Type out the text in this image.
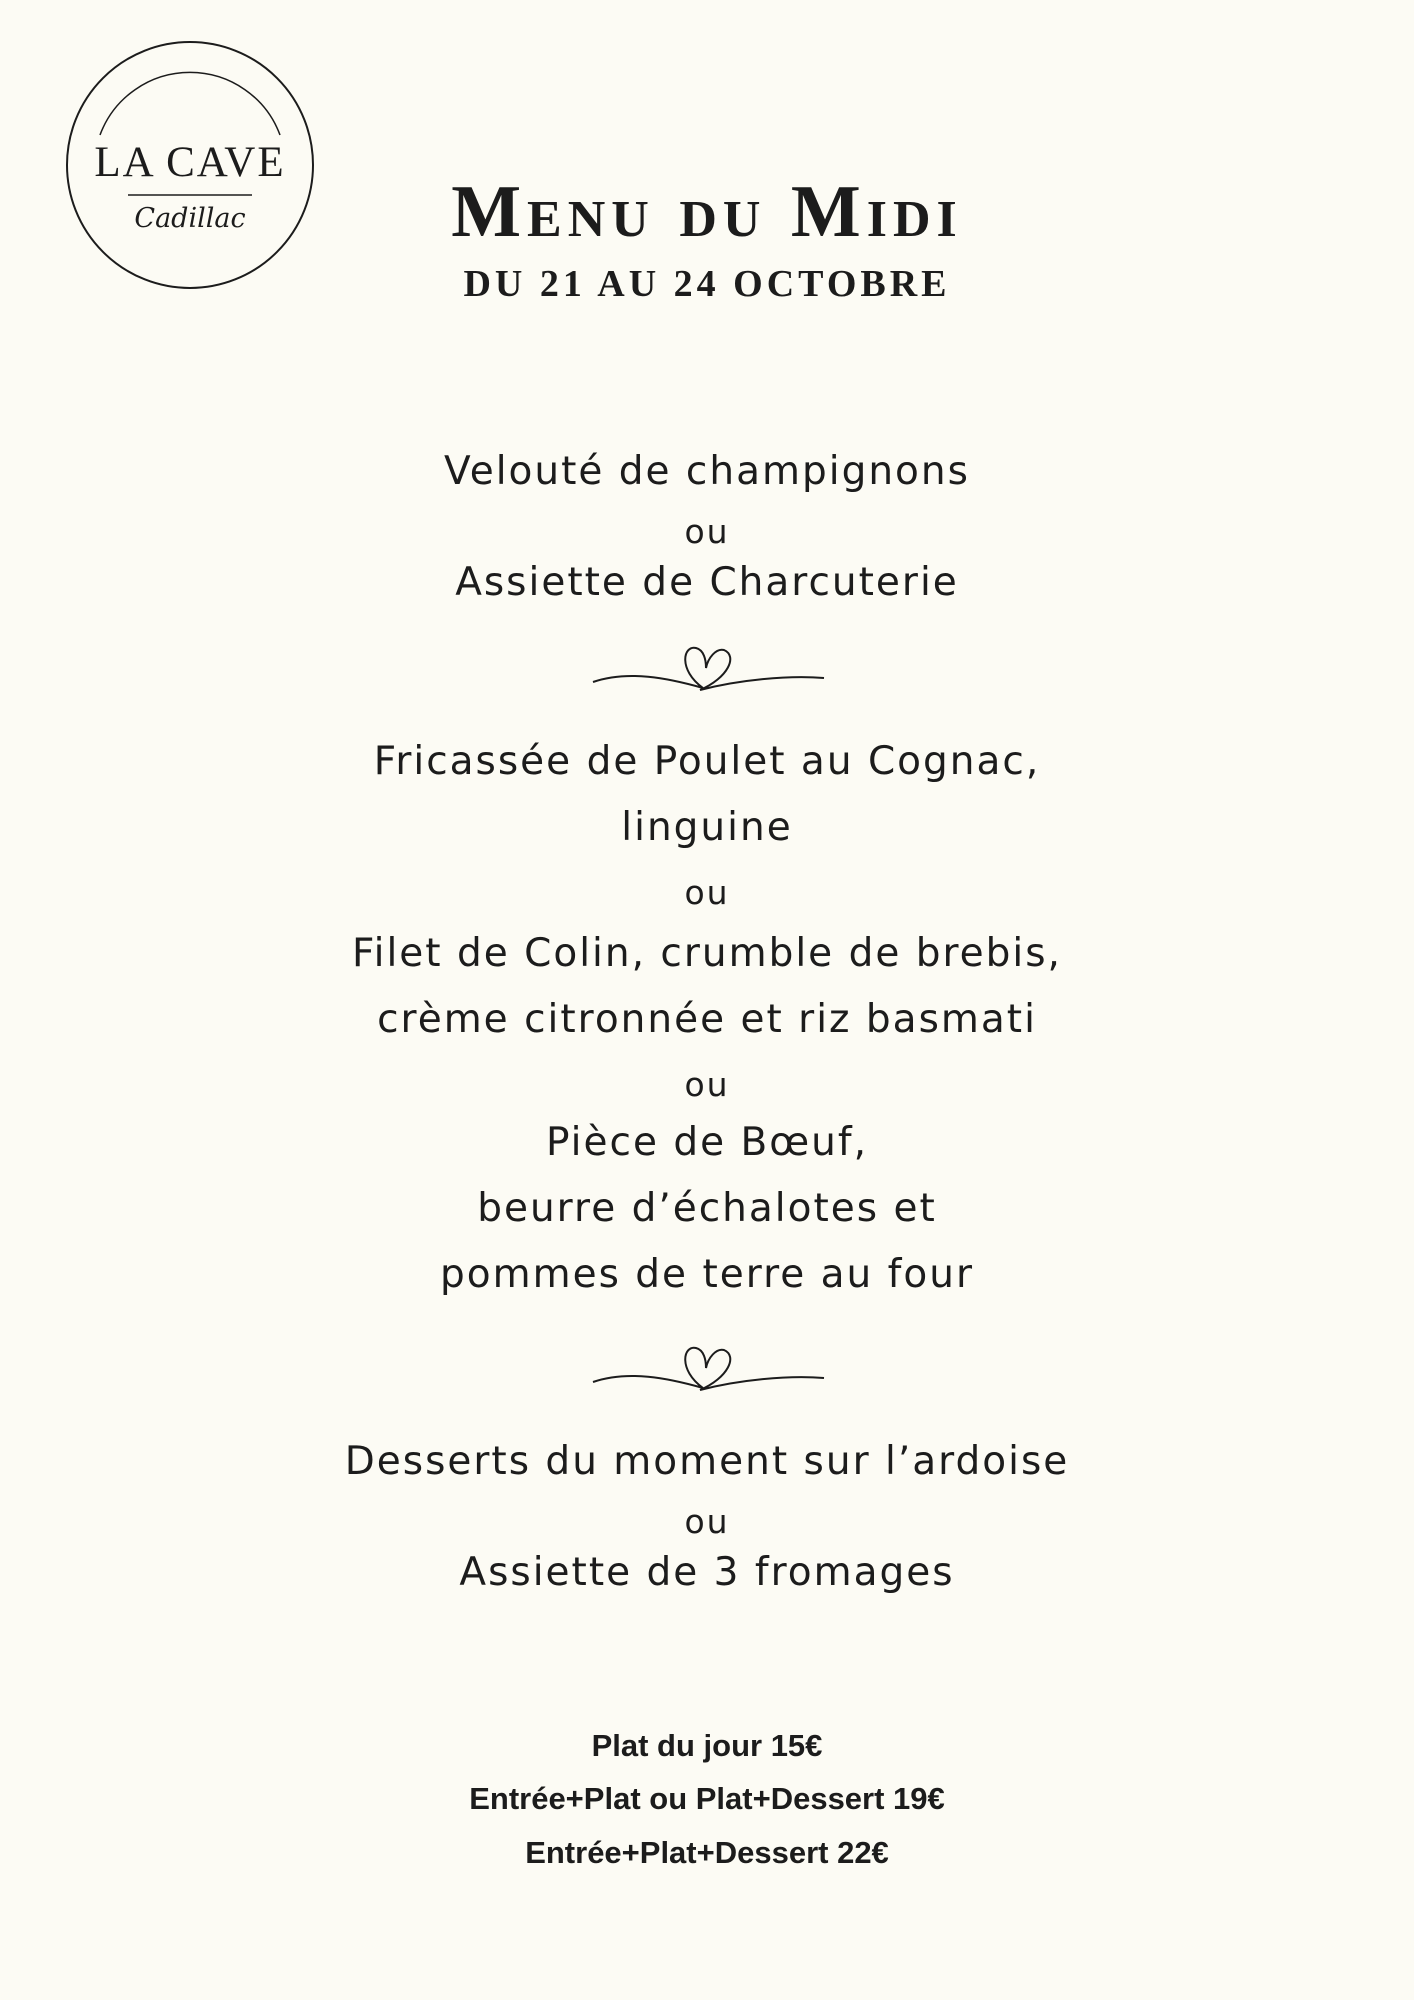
LA CAVE
Cadillac	Menu du Midi
DU 21 AU 24 OCTOBRE
Velouté de champignons
ou
Assiette de Charcuterie
Fricassée de Poulet au Cognac,
linguine
ou
Filet de Colin, crumble de brebis,
crème citronnée et riz basmati
ou
Pièce de Bœuf,
beurre d’échalotes et
pommes de terre au four
Desserts du moment sur l’ardoise
ou
Assiette de 3 fromages
Plat du jour 15€
Entrée+Plat ou Plat+Dessert 19€
Entrée+Plat+Dessert 22€
